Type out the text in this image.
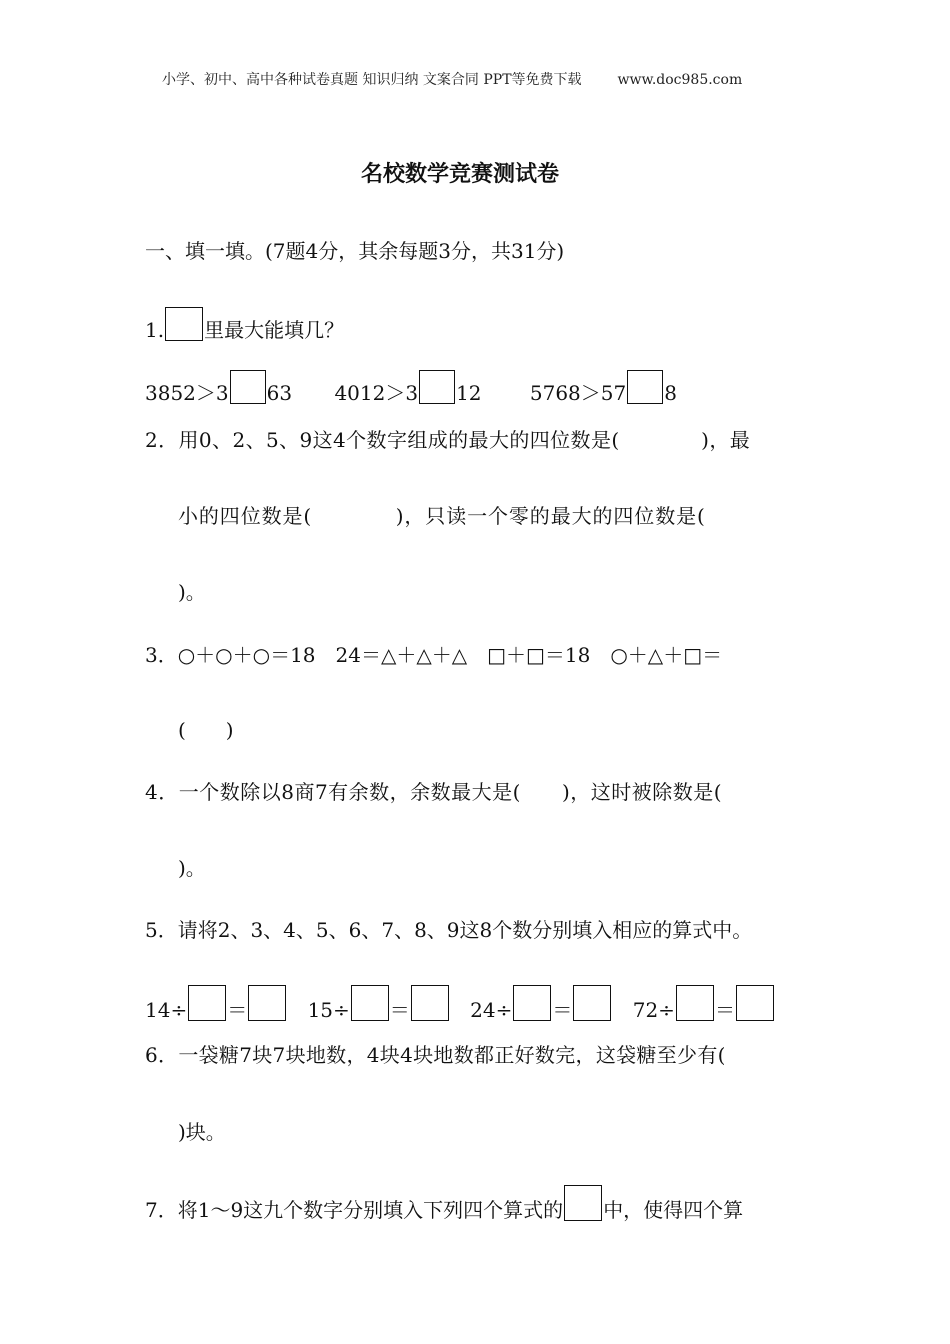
小学、初中、高中各种试卷真题 知识归纳 文案合同 PPT等免费下载	www.doc985.com
名校数学竞赛测试卷
一、填一填。(7题4分，其余每题3分，共31分)
1. 里最大能填几？
3852＞3 63 4012＞3 12 5768＞57 8
2．用0、2、5、9这4个数字组成的最大的四位数是(　　　　)，最
小的四位数是(　　　　)，只读一个零的最大的四位数是(
)。
3．○＋○＋○＝18　24＝△＋△＋△　□＋□＝18　○＋△＋□＝
(　　)
4．一个数除以8商7有余数，余数最大是(　　)，这时被除数是(
)。
5．请将2、3、4、5、6、7、8、9这8个数分别填入相应的算式中。
14÷ ＝	15÷ ＝	24÷ ＝	72÷ ＝
6．一袋糖7块7块地数，4块4块地数都正好数完，这袋糖至少有(
)块。
7．将1～9这九个数字分别填入下列四个算式的 中，使得四个算
